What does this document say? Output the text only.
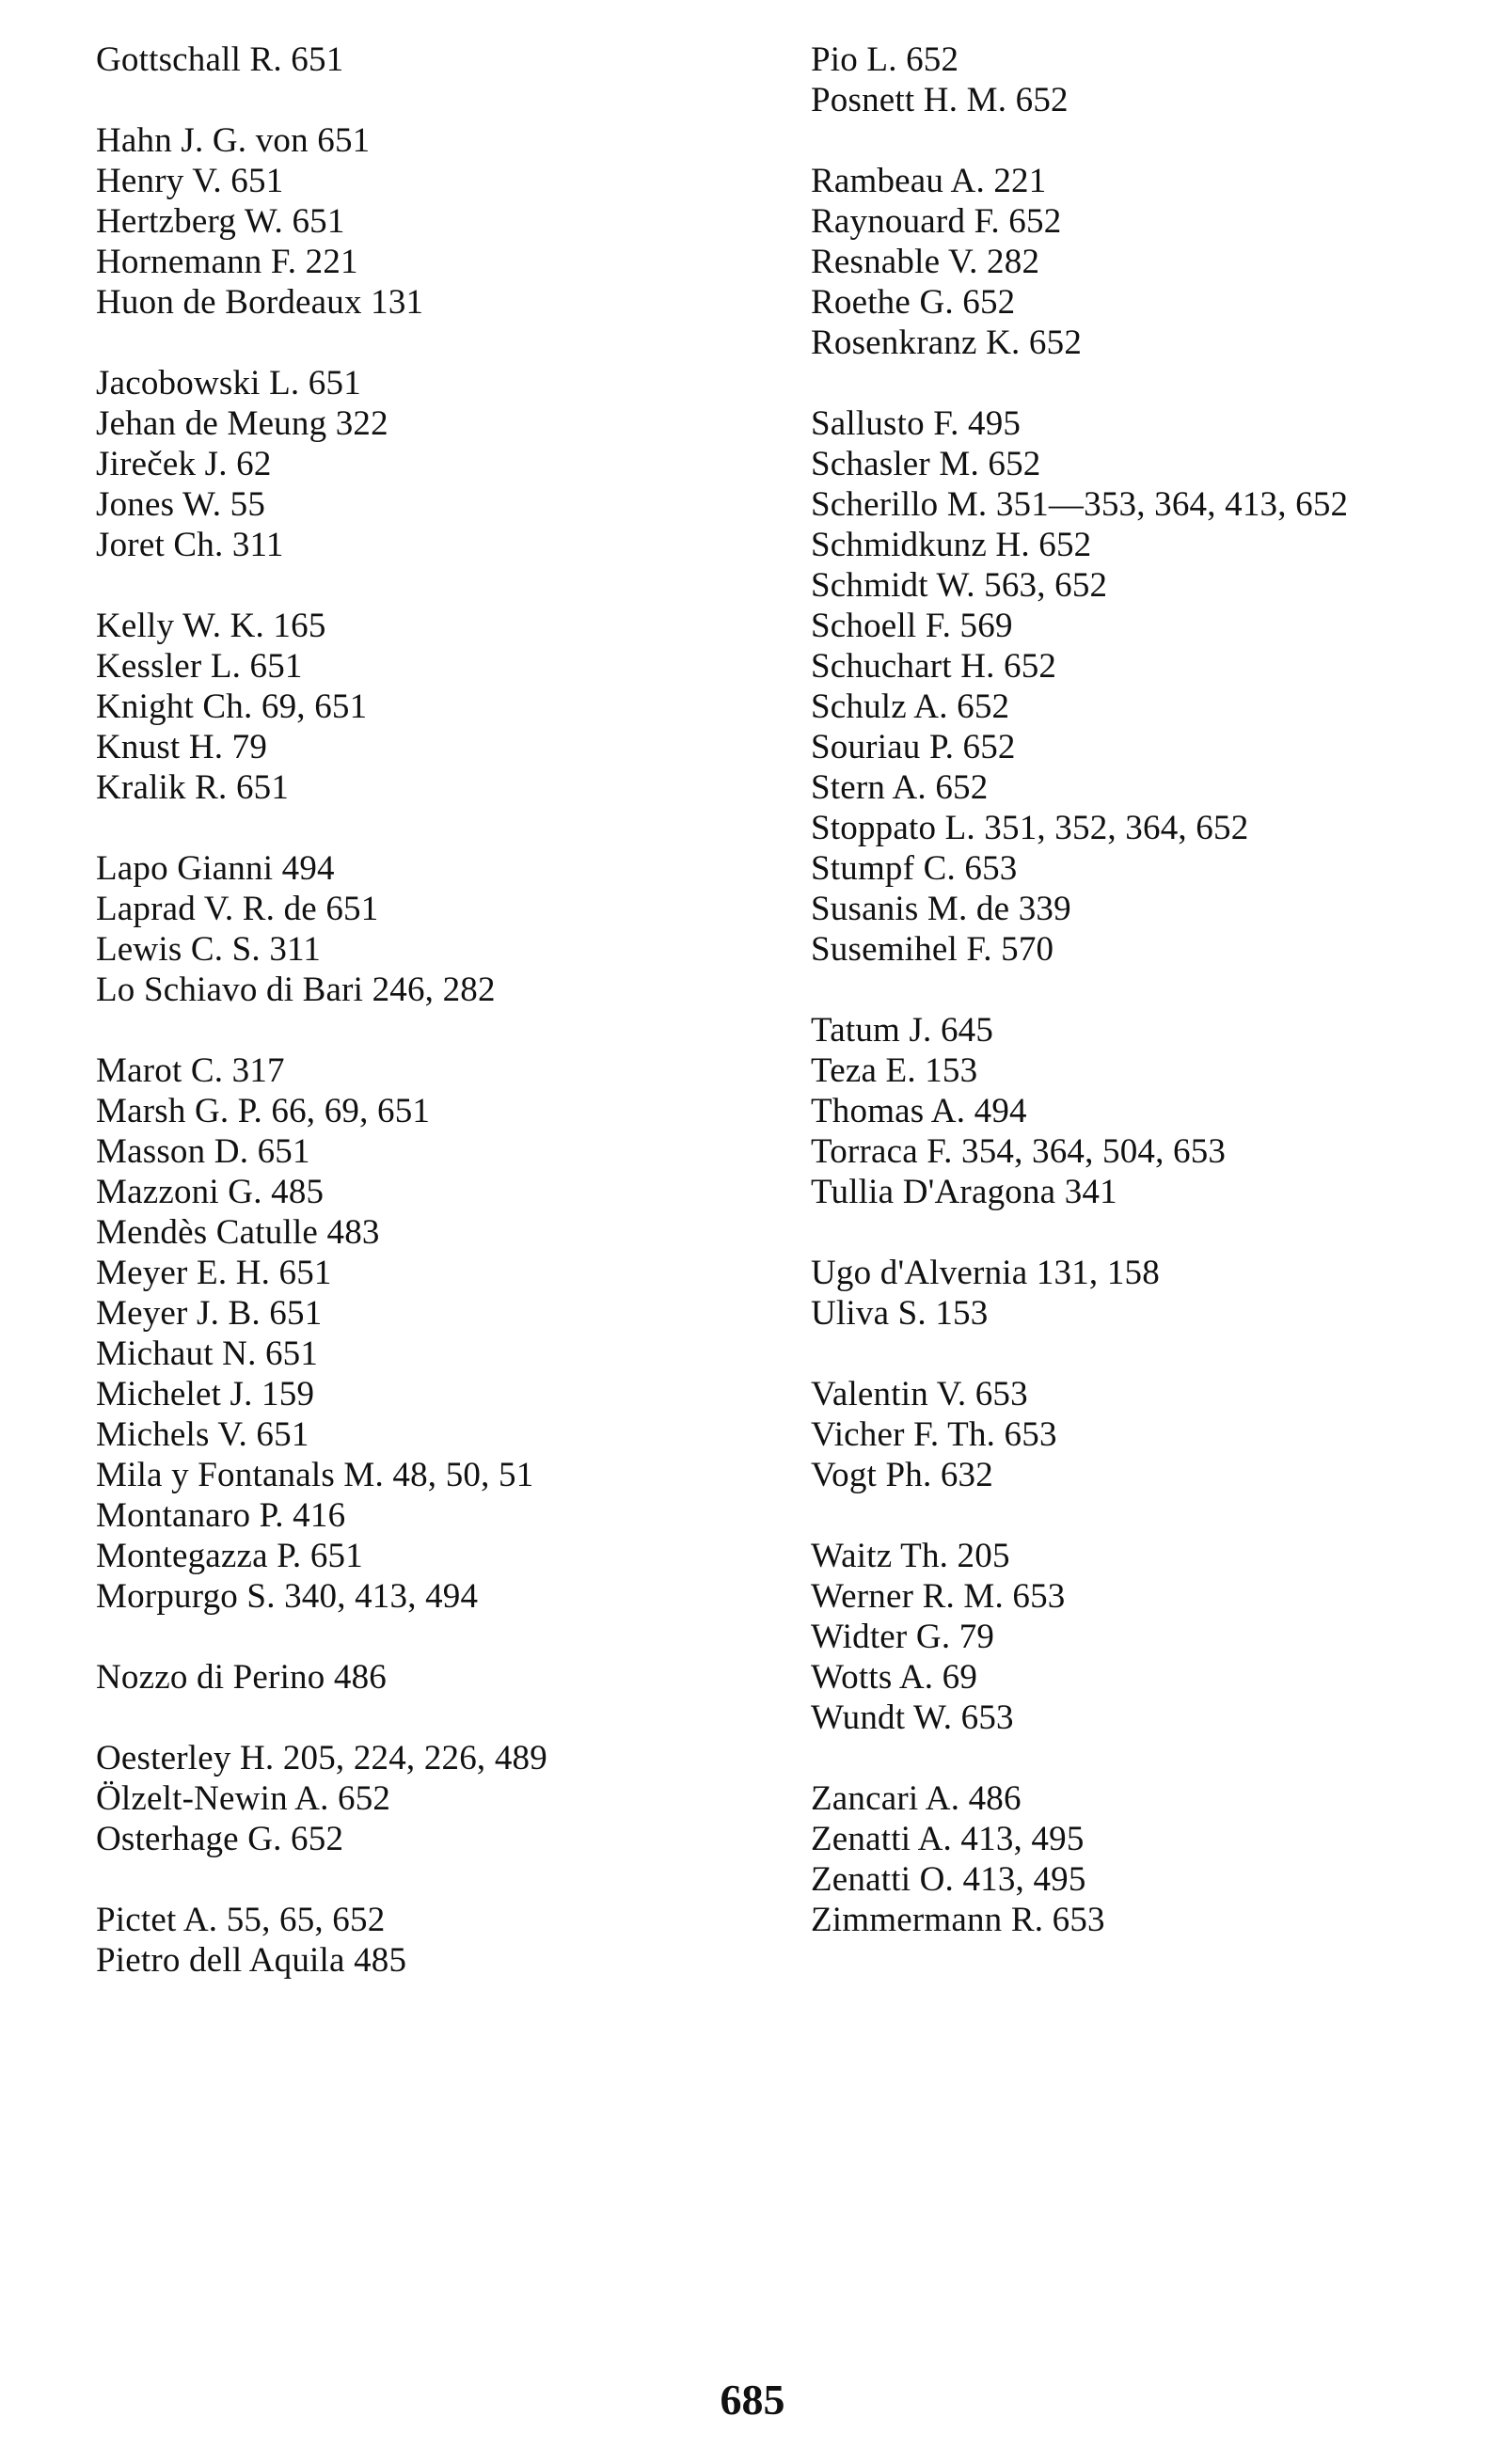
Gottschall R. 651
Hahn J. G. von 651
Henry V. 651
Hertzberg W. 651
Hornemann F. 221
Huon de Bordeaux 131
Jacobowski L. 651
Jehan de Meung 322
Jireček J. 62
Jones W. 55
Joret Ch. 311
Kelly W. K. 165
Kessler L. 651
Knight Ch. 69, 651
Knust H. 79
Kralik R. 651
Lapo Gianni 494
Laprad V. R. de 651
Lewis C. S. 311
Lo Schiavo di Bari 246, 282
Marot C. 317
Marsh G. P. 66, 69, 651
Masson D. 651
Mazzoni G. 485
Mendès Catulle 483
Meyer E. H. 651
Meyer J. B. 651
Michaut N. 651
Michelet J. 159
Michels V. 651
Mila y Fontanals M. 48, 50, 51
Montanaro P. 416
Montegazza P. 651
Morpurgo S. 340, 413, 494
Nozzo di Perino 486
Oesterley H. 205, 224, 226, 489
Ölzelt-Newin A. 652
Osterhage G. 652
Pictet A. 55, 65, 652
Pietro dell Aquila 485
Pio L. 652
Posnett H. M. 652
Rambeau A. 221
Raynouard F. 652
Resnable V. 282
Roethe G. 652
Rosenkranz K. 652
Sallusto F. 495
Schasler M. 652
Scherillo M. 351—353, 364, 413, 652
Schmidkunz H. 652
Schmidt W. 563, 652
Schoell F. 569
Schuchart H. 652
Schulz A. 652
Souriau P. 652
Stern A. 652
Stoppato L. 351, 352, 364, 652
Stumpf C. 653
Susanis M. de 339
Susemihel F. 570
Tatum J. 645
Teza E. 153
Thomas A. 494
Torraca F. 354, 364, 504, 653
Tullia D'Aragona 341
Ugo d'Alvernia 131, 158
Uliva S. 153
Valentin V. 653
Vicher F. Th. 653
Vogt Ph. 632
Waitz Th. 205
Werner R. M. 653
Widter G. 79
Wotts A. 69
Wundt W. 653
Zancari A. 486
Zenatti A. 413, 495
Zenatti O. 413, 495
Zimmermann R. 653
685
